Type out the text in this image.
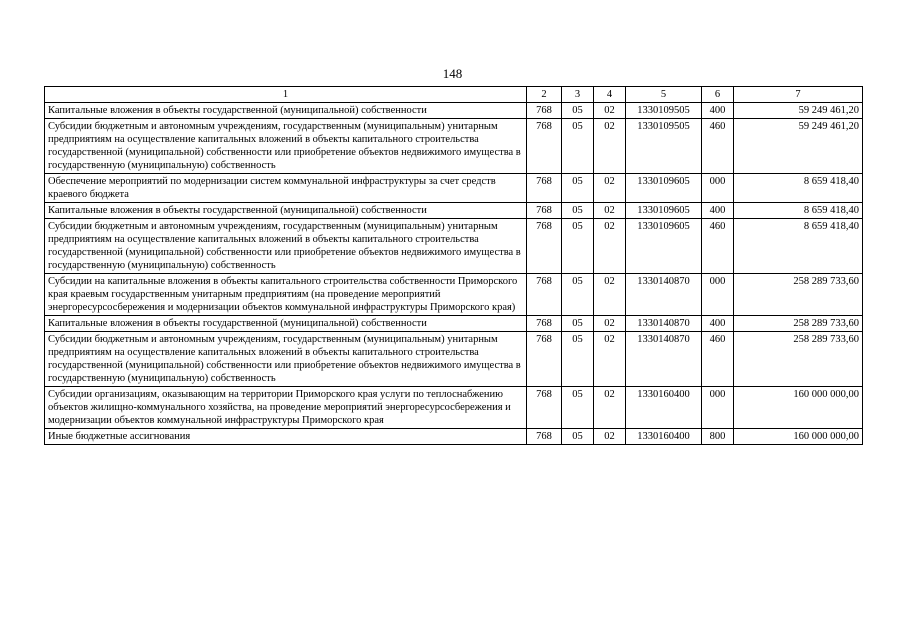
148
1	2	3	4	5	6	7
Капитальные вложения в объекты государственной (муниципальной) собственности	768	05	02	1330109505	400	59 249 461,20
Субсидии бюджетным и автономным учреждениям, государственным (муниципальным) унитарным предприятиям на осуществление капитальных вложений в объекты капитального строительства государственной (муниципальной) собственности или приобретение объектов недвижимого имущества в государственную (муниципальную) собственность	768	05	02	1330109505	460	59 249 461,20
Обеспечение мероприятий по модернизации систем коммунальной инфраструктуры за счет средств краевого бюджета	768	05	02	1330109605	000	8 659 418,40
Капитальные вложения в объекты государственной (муниципальной) собственности	768	05	02	1330109605	400	8 659 418,40
Субсидии бюджетным и автономным учреждениям, государственным (муниципальным) унитарным предприятиям на осуществление капитальных вложений в объекты капитального строительства государственной (муниципальной) собственности или приобретение объектов недвижимого имущества в государственную (муниципальную) собственность	768	05	02	1330109605	460	8 659 418,40
Субсидии на капитальные вложения в объекты капитального строительства собственности Приморского края краевым государственным унитарным предприятиям (на проведение мероприятий энергоресурсосбережения и модернизации объектов коммунальной инфраструктуры Приморского края)	768	05	02	1330140870	000	258 289 733,60
Капитальные вложения в объекты государственной (муниципальной) собственности	768	05	02	1330140870	400	258 289 733,60
Субсидии бюджетным и автономным учреждениям, государственным (муниципальным) унитарным предприятиям на осуществление капитальных вложений в объекты капитального строительства государственной (муниципальной) собственности или приобретение объектов недвижимого имущества в государственную (муниципальную) собственность	768	05	02	1330140870	460	258 289 733,60
Субсидии организациям, оказывающим на территории Приморского края услуги по теплоснабжению объектов жилищно-коммунального хозяйства, на проведение мероприятий энергоресурсосбережения и модернизации объектов коммунальной инфраструктуры Приморского края	768	05	02	1330160400	000	160 000 000,00
Иные бюджетные ассигнования	768	05	02	1330160400	800	160 000 000,00
